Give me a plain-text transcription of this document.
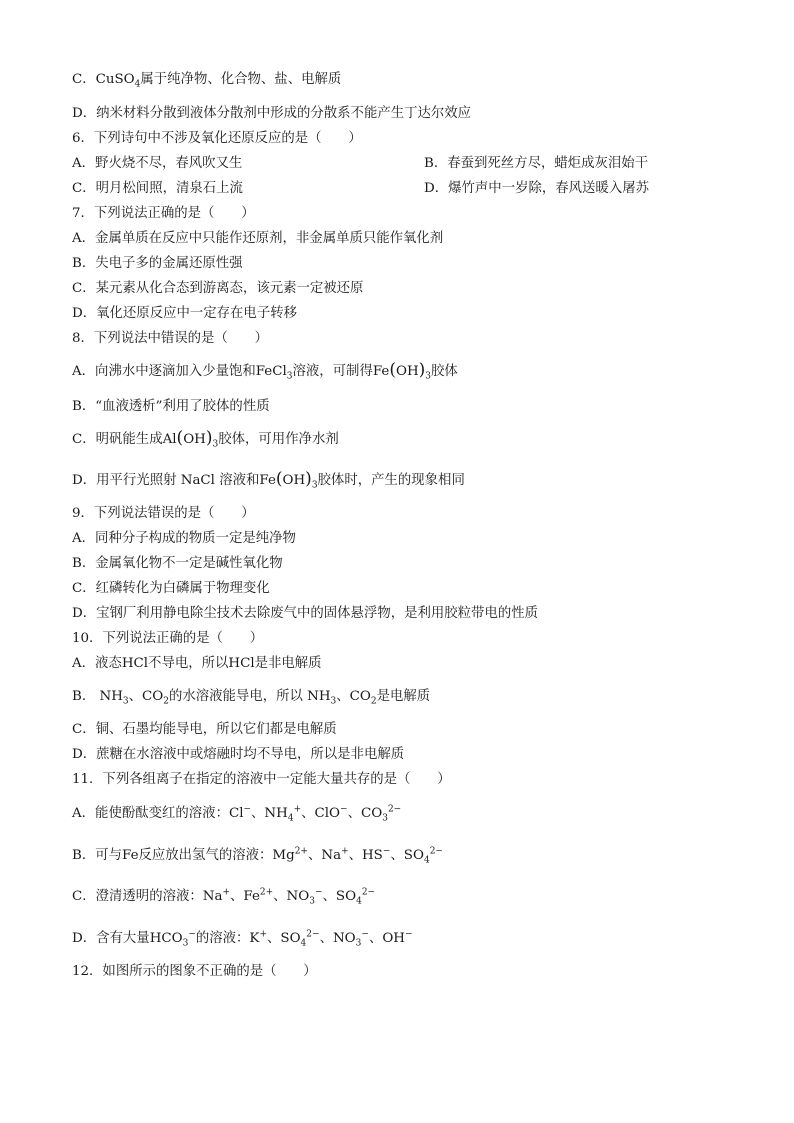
C．CuSO$_4$属于纯净物、化合物、盐、电解质
D．纳米材料分散到液体分散剂中形成的分散系不能产生丁达尔效应
6．下列诗句中不涉及氧化还原反应的是（　　）
A．野火烧不尽，春风吹又生	B．春蚕到死丝方尽，蜡炬成灰泪始干
C．明月松间照，清泉石上流	D．爆竹声中一岁除，春风送暖入屠苏
7．下列说法正确的是（　　）
A．金属单质在反应中只能作还原剂，非金属单质只能作氧化剂
B．失电子多的金属还原性强
C．某元素从化合态到游离态，该元素一定被还原
D．氧化还原反应中一定存在电子转移
8．下列说法中错误的是（　　）
A．向沸水中逐滴加入少量饱和FeCl$_3$溶液，可制得$Fe(OH)_3$胶体
B．“血液透析”利用了胶体的性质
C．明矾能生成$Al(OH)_3$胶体，可用作净水剂
D．用平行光照射 NaCl 溶液和$Fe(OH)_3$胶体时，产生的现象相同
9．下列说法错误的是（　　）
A．同种分子构成的物质一定是纯净物
B．金属氧化物不一定是碱性氧化物
C．红磷转化为白磷属于物理变化
D．宝钢厂利用静电除尘技术去除废气中的固体悬浮物，是利用胶粒带电的性质
10．下列说法正确的是（　　）
A．液态HCl不导电，所以HCl是非电解质
B． $NH_3$、$CO_2$的水溶液能导电，所以 $NH_3$、$CO_2$是电解质
C．铜、石墨均能导电，所以它们都是电解质
D．蔗糖在水溶液中或熔融时均不导电，所以是非电解质
11．下列各组离子在指定的溶液中一定能大量共存的是（　　）
A．能使酚酞变红的溶液：Cl−、$NH_4^+$、ClO−、$CO_3^{2-}$
B．可与Fe反应放出氢气的溶液：$Mg^{2+}$、Na+、HS−、$SO_4^{2-}$
C．澄清透明的溶液：Na+、$Fe^{2+}$、$NO_3^-$、$SO_4^{2-}$
D．含有大量$HCO_3^-$的溶液：K+、$SO_4^{2-}$、$NO_3^-$、OH−
12．如图所示的图象不正确的是（　　）
